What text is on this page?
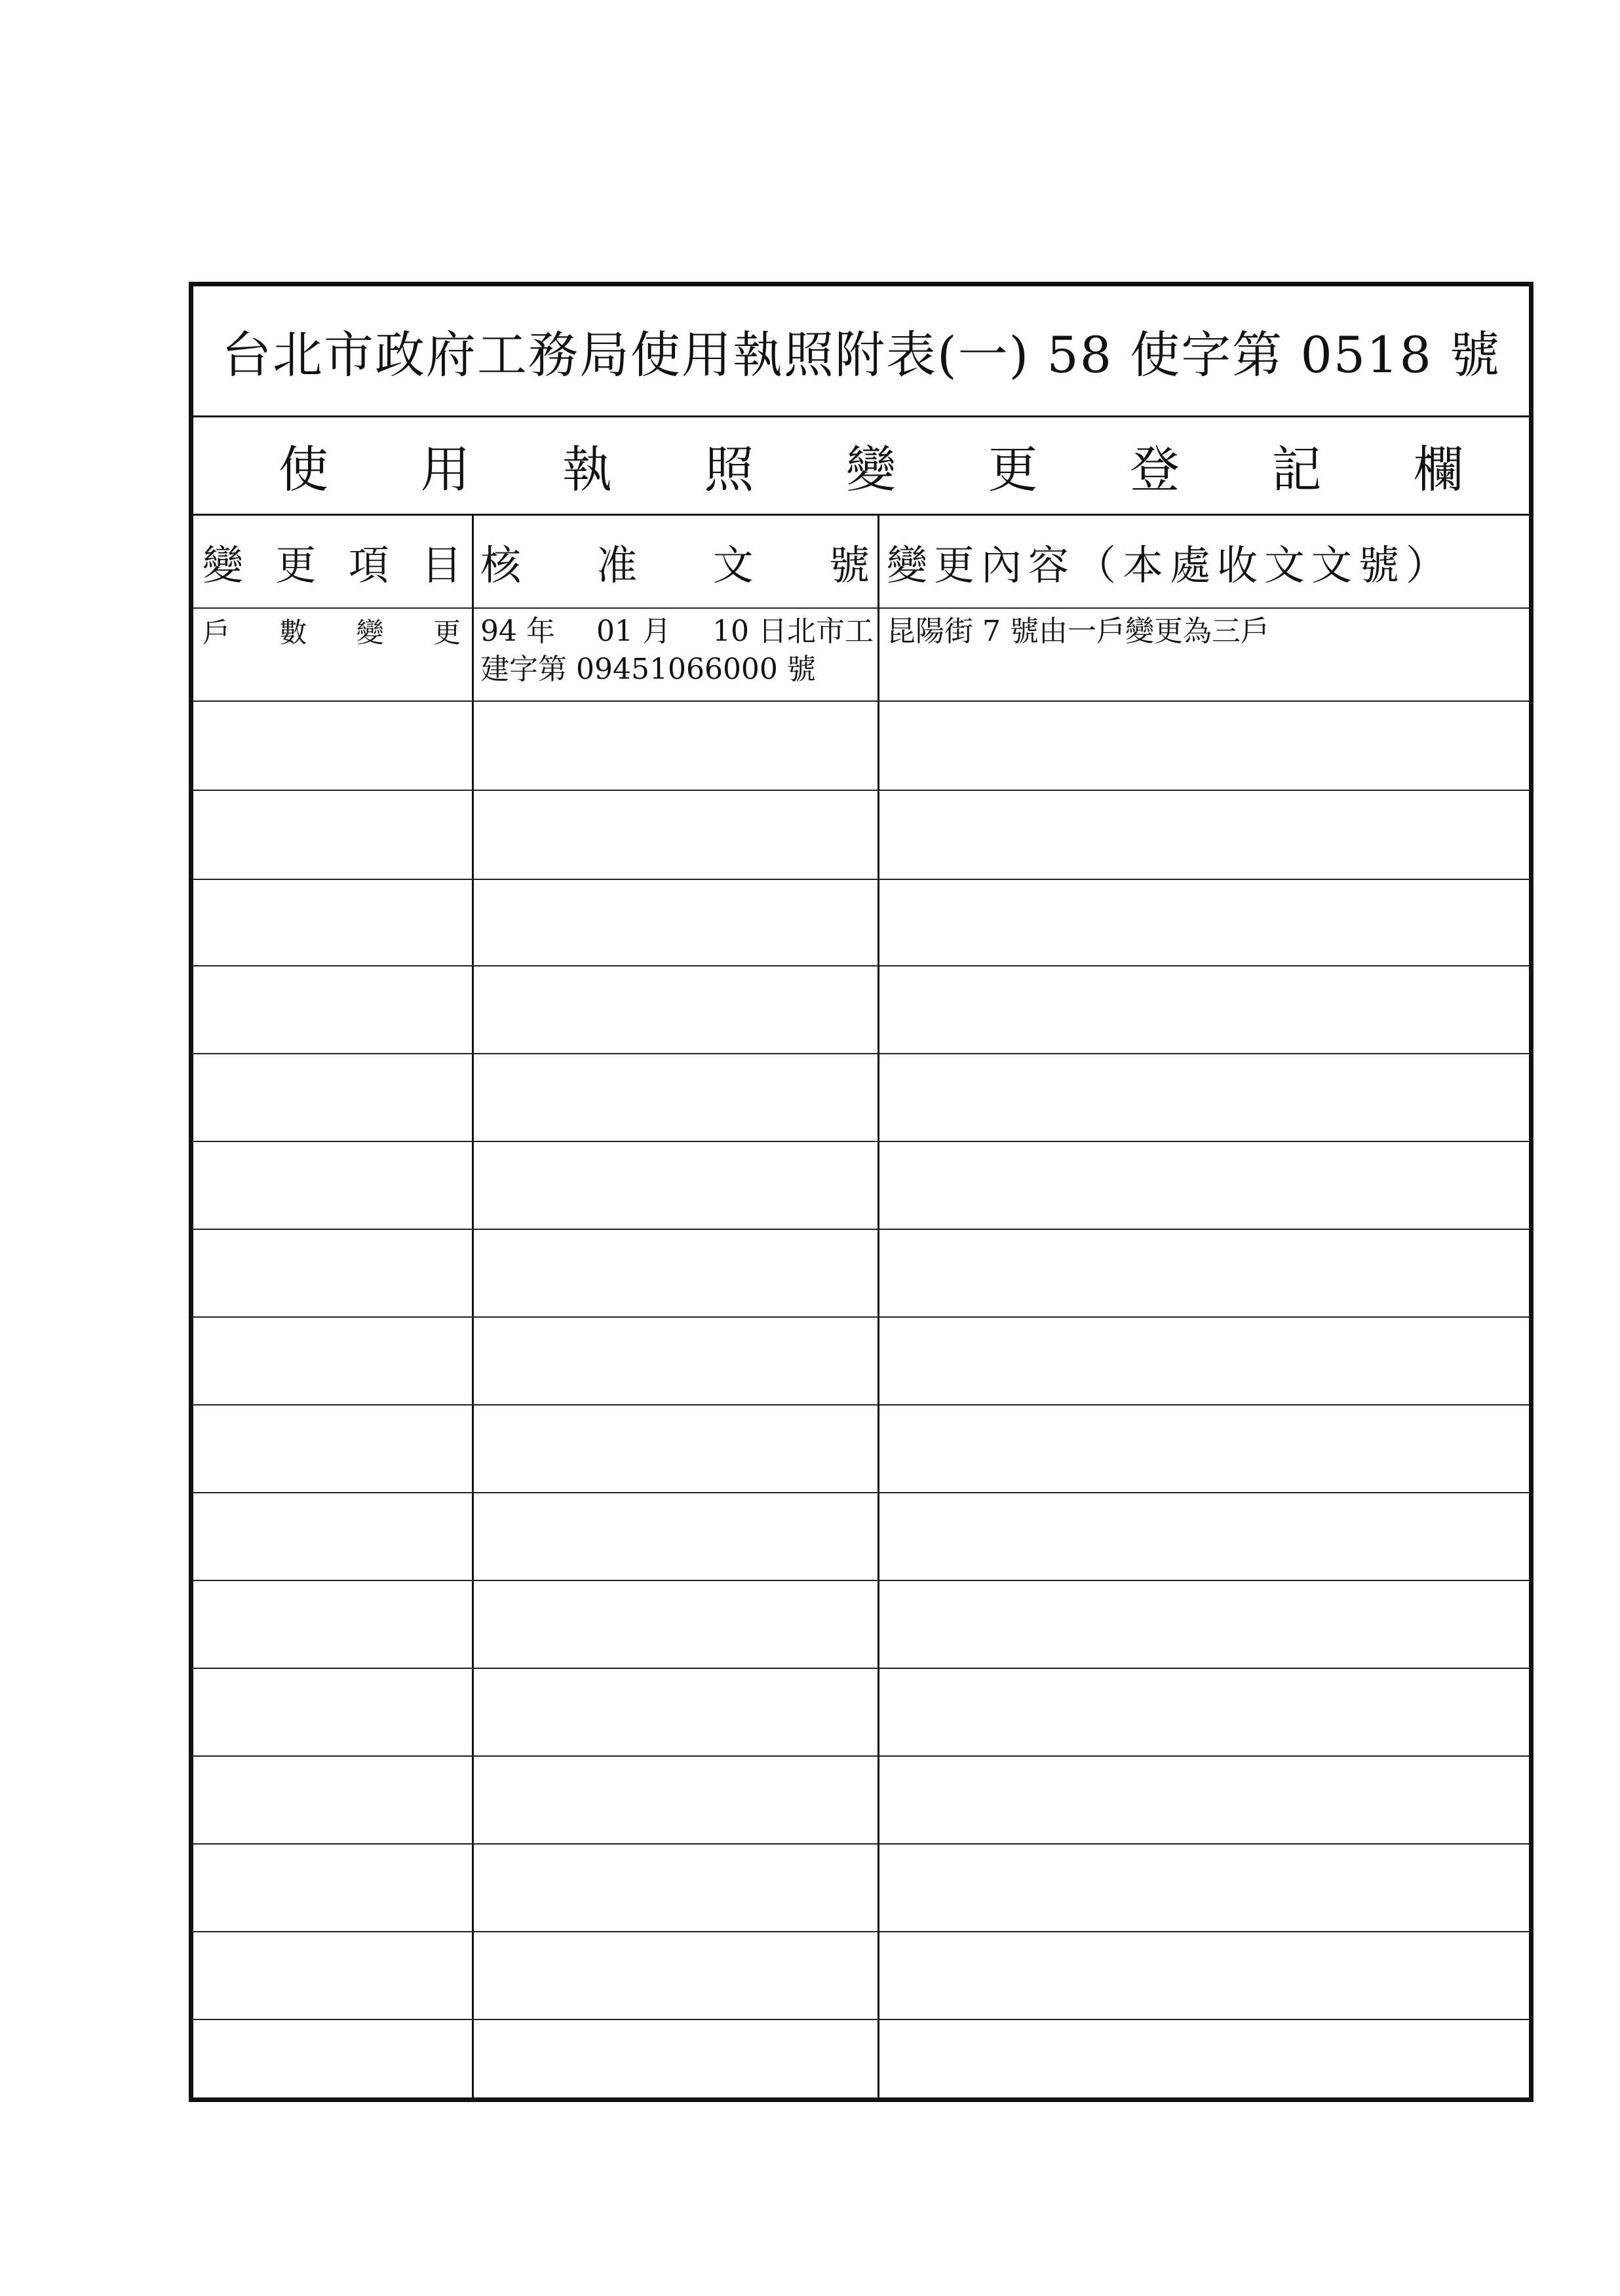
台北市政府工務局使用執照附表(一) 58 使字第 0518 號
使 用 執 照 變 更 登 記 欄
變 更 項 目 核 准 文 號 變更內容（本處收文文號）
戶 數 變 更 94 年 01 月 10 日北市工
建字第 09451066000 號
昆陽街 7 號由一戶變更為三戶
